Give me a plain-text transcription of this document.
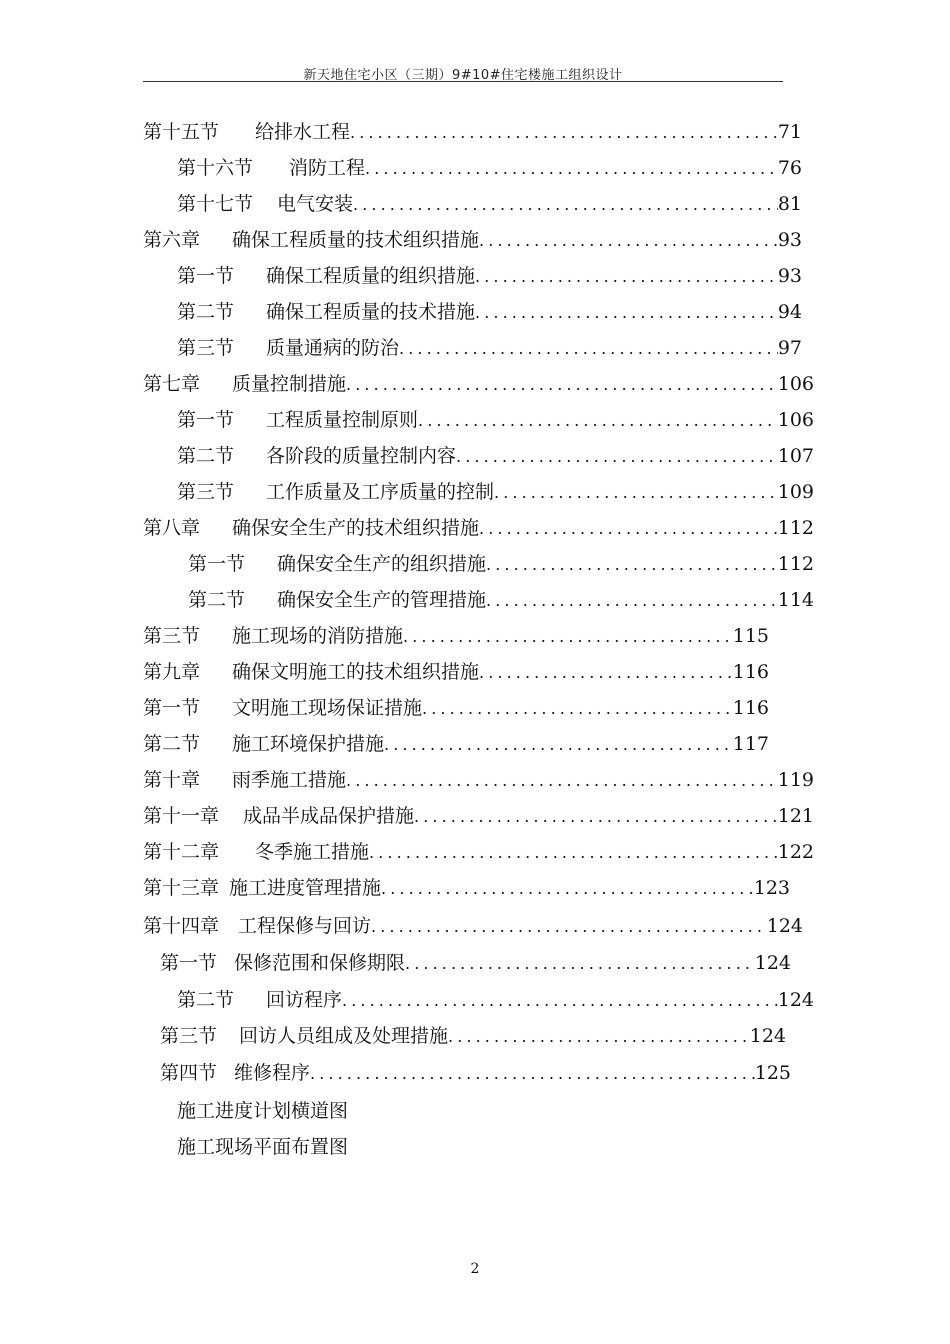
新天地住宅小区（三期）9#10#住宅楼施工组织设计
第十五节	给排水工程 .....	71
第十六节	消防工程 .....	76
第十七节	电气安装 .....	81
第六章	确保工程质量的技术组织措施 .....	93
第一节	确保工程质量的组织措施 .....	93
第二节	确保工程质量的技术措施 .....	94
第三节	质量通病的防治 .....	97
第七章	质量控制措施 .....	106
第一节	工程质量控制原则 .....	106
第二节	各阶段的质量控制内容 .....	107
第三节	工作质量及工序质量的控制 .....	109
第八章	确保安全生产的技术组织措施 .....	112
第一节	确保安全生产的组织措施 .....	112
第二节	确保安全生产的管理措施 .....	114
第三节	施工现场的消防措施 .....	115
第九章	确保文明施工的技术组织措施 .....	116
第一节	文明施工现场保证措施 .....	116
第二节	施工环境保护措施 .....	117
第十章	雨季施工措施 .....	119
第十一章	成品半成品保护措施 .....	121
第十二章	冬季施工措施 .....	122
第十三章 施工进度管理措施 .....	123
第十四章 工程保修与回访 .....	124
第一节 保修范围和保修期限 .....	124
第二节	回访程序 .....	124
第三节	回访人员组成及处理措施 .....	124
第四节 维修程序 .....	125
施工进度计划横道图
施工现场平面布置图
2
